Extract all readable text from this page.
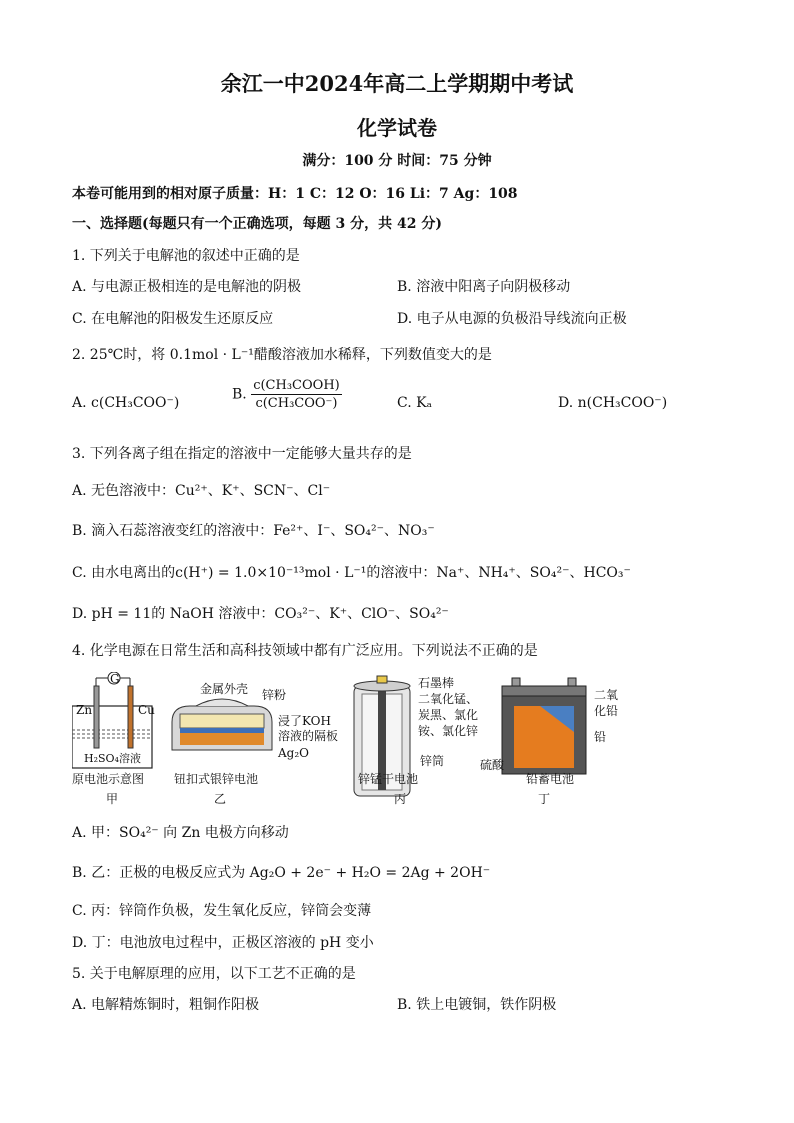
余江一中2024年高二上学期期中考试
化学试卷
满分：100 分 时间：75 分钟
本卷可能用到的相对原子质量：H：1 C：12 O：16 Li：7 Ag：108
一、选择题(每题只有一个正确选项，每题 3 分，共 42 分)
1. 下列关于电解池的叙述中正确的是
A. 与电源正极相连的是电解池的阴极	B. 溶液中阳离子向阴极移动
C. 在电解池的阳极发生还原反应	D. 电子从电源的负极沿导线流向正极
2. 25℃时，将 0.1mol · L⁻¹醋酸溶液加水稀释，下列数值变大的是
A. c(CH₃COO⁻)
B. $\frac{\text{c(CH₃COOH)}}{\text{c(CH₃COO⁻)}}$	C. Kₐ	D. n(CH₃COO⁻)
3. 下列各离子组在指定的溶液中一定能够大量共存的是
A. 无色溶液中：Cu²⁺、K⁺、SCN⁻、Cl⁻
B. 滴入石蕊溶液变红的溶液中：Fe²⁺、I⁻、SO₄²⁻、NO₃⁻
C. 由水电离出的c(H⁺) = 1.0×10⁻¹³mol · L⁻¹的溶液中：Na⁺、NH₄⁺、SO₄²⁻、HCO₃⁻
D. pH = 11的 NaOH 溶液中：CO₃²⁻、K⁺、ClO⁻、SO₄²⁻
4. 化学电源在日常生活和高科技领域中都有广泛应用。下列说法不正确的是
G
Zn	Cu
H₂SO₄溶液
原电池示意图
甲
金属外壳 锌粉
浸了KOH
溶液的隔板
Ag₂O
钮扣式银锌电池
乙
石墨棒
二氧化锰、
炭黑、氯化
铵、氯化锌
锌筒
锌锰干电池
丙
二氧
化铅
铅
硫酸
铅蓄电池
丁
A. 甲：SO₄²⁻ 向 Zn 电极方向移动
B. 乙：正极的电极反应式为 Ag₂O + 2e⁻ + H₂O = 2Ag + 2OH⁻
C. 丙：锌筒作负极，发生氧化反应，锌筒会变薄
D. 丁：电池放电过程中，正极区溶液的 pH 变小
5. 关于电解原理的应用，以下工艺不正确的是
A. 电解精炼铜时，粗铜作阳极	B. 铁上电镀铜，铁作阴极
